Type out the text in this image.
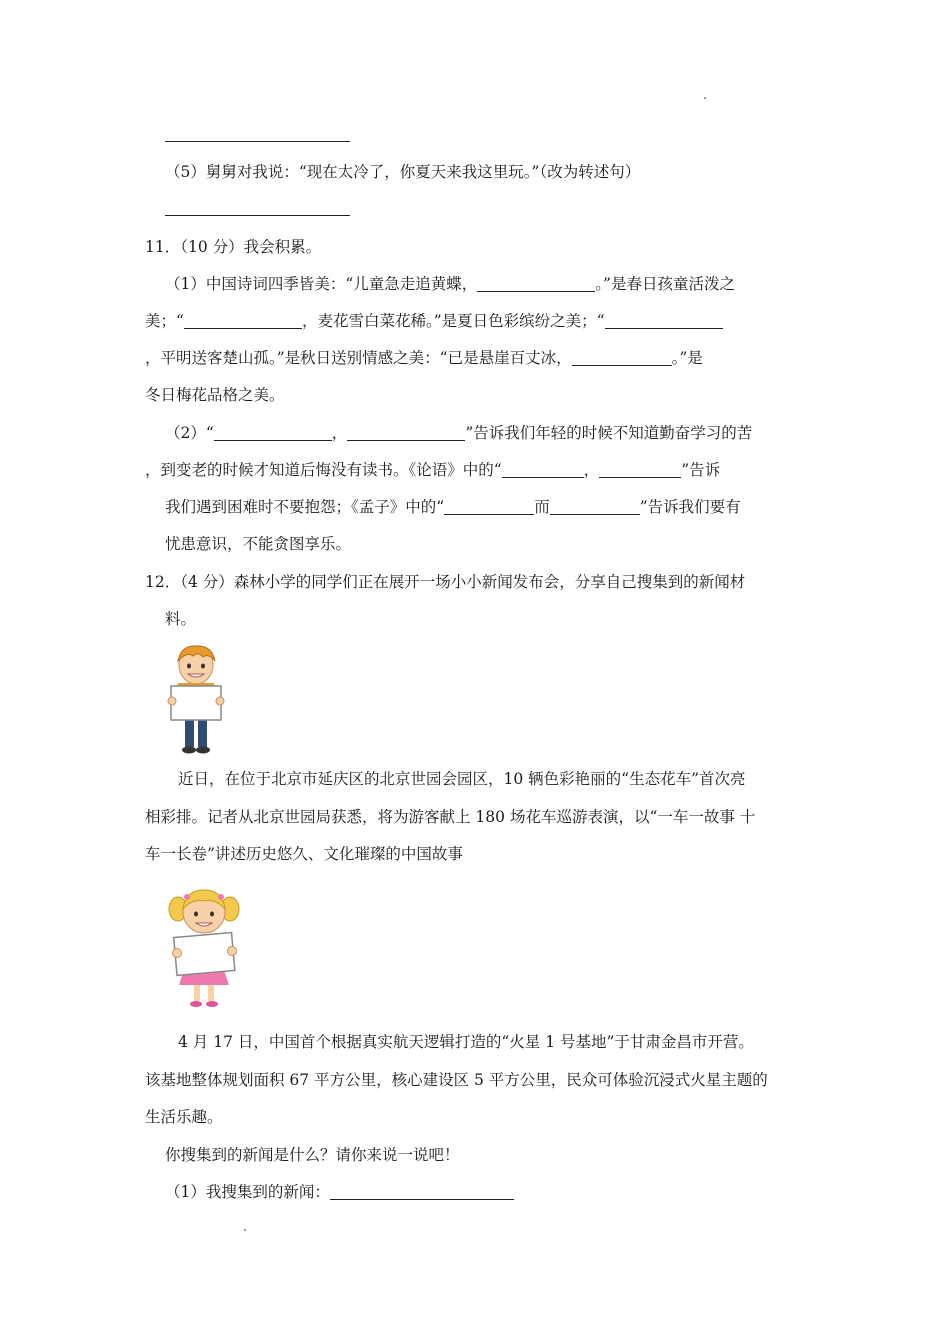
（5）舅舅对我说：“现在太冷了，你夏天来我这里玩。”（改为转述句）
11．（10 分）我会积累。
（1）中国诗词四季皆美：“儿童急走追黄蝶，	。”是春日孩童活泼之
美；“	，麦花雪白菜花稀。”是夏日色彩缤纷之美；“
，平明送客楚山孤。”是秋日送别情感之美：“已是悬崖百丈冰，	。”是
冬日梅花品格之美。
（2）“	，	”告诉我们年轻的时候不知道勤奋学习的苦
，到变老的时候才知道后悔没有读书。《论语》中的“	，	”告诉
我们遇到困难时不要抱怨；《孟子》中的“	而	”告诉我们要有
忧患意识，不能贪图享乐。
12．（4 分）森林小学的同学们正在展开一场小小新闻发布会，分享自己搜集到的新闻材
料。
近日，在位于北京市延庆区的北京世园会园区，10 辆色彩艳丽的“生态花车”首次亮
相彩排。记者从北京世园局获悉，将为游客献上 180 场花车巡游表演，以“一车一故事 十
车一长卷”讲述历史悠久、文化璀璨的中国故事
4 月 17 日，中国首个根据真实航天逻辑打造的“火星 1 号基地”于甘肃金昌市开营。
该基地整体规划面积 67 平方公里，核心建设区 5 平方公里，民众可体验沉浸式火星主题的
生活乐趣。
你搜集到的新闻是什么？请你来说一说吧！
（1）我搜集到的新闻：
